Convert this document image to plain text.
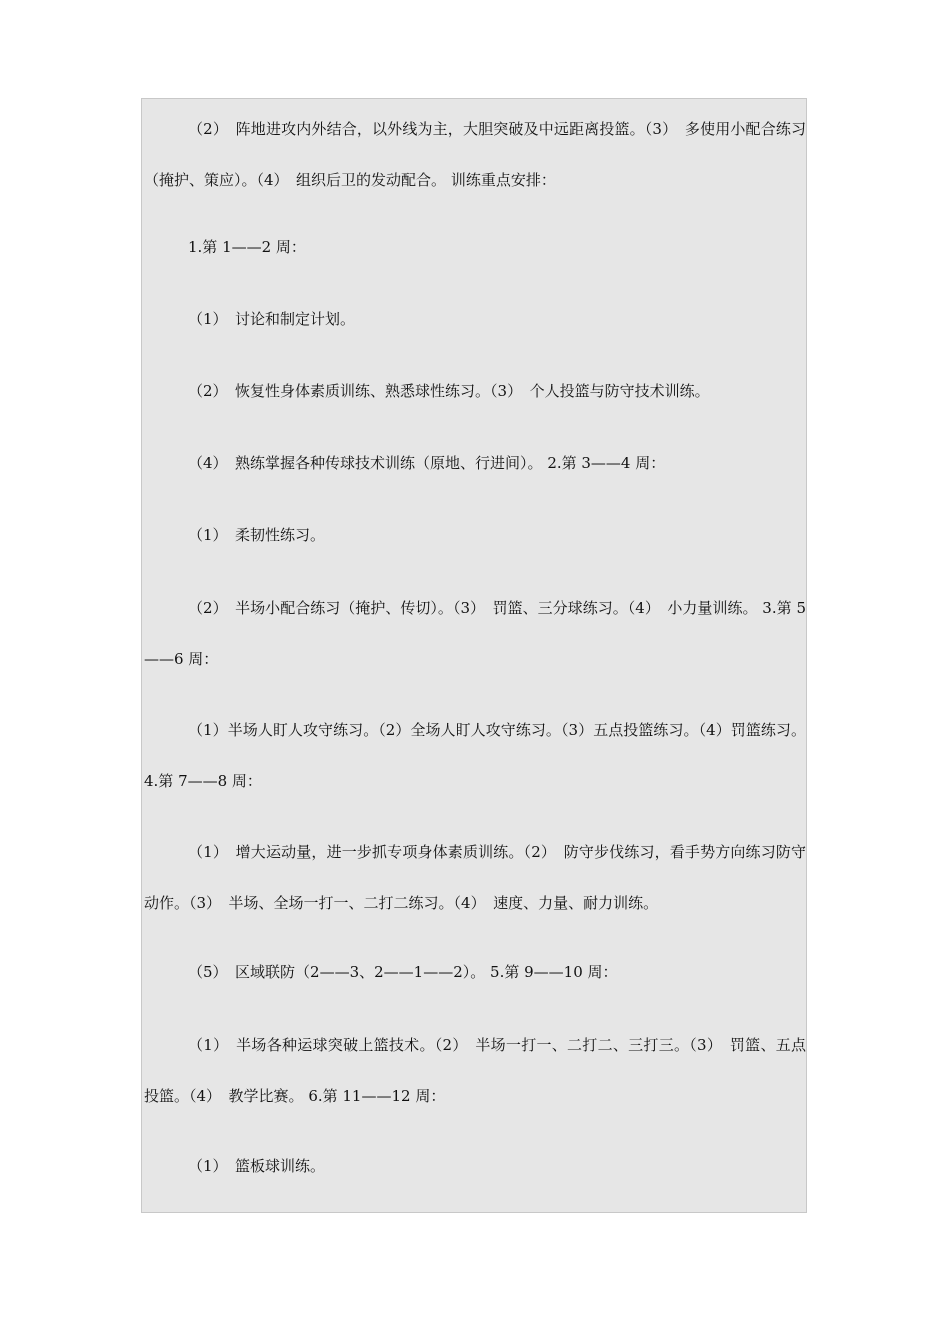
（2）　阵地进攻内外结合，以外线为主，大胆突破及中远距离投篮。（3）　多使用小配合练习（掩护、策应）。（4）　组织后卫的发动配合。 训练重点安排：

1.第 1——2 周：

（1）　讨论和制定计划。

（2）　恢复性身体素质训练、熟悉球性练习。（3）　个人投篮与防守技术训练。

（4）　熟练掌握各种传球技术训练（原地、行进间）。 2.第 3——4 周：

（1）　柔韧性练习。

（2）　半场小配合练习（掩护、传切）。（3）　罚篮、三分球练习。（4）　小力量训练。 3.第 5——6 周：

（1）半场人盯人攻守练习。（2）全场人盯人攻守练习。（3）五点投篮练习。（4）罚篮练习。 4.第 7——8 周：

（1）　增大运动量，进一步抓专项身体素质训练。（2）　防守步伐练习，看手势方向练习防守动作。（3）　半场、全场一打一、二打二练习。（4）　速度、力量、耐力训练。

（5）　区域联防（2——3、2——1——2）。 5.第 9——10 周：

（1）　半场各种运球突破上篮技术。（2）　半场一打一、二打二、三打三。（3）　罚篮、五点投篮。（4）　教学比赛。 6.第 11——12 周：

（1）　篮板球训练。
